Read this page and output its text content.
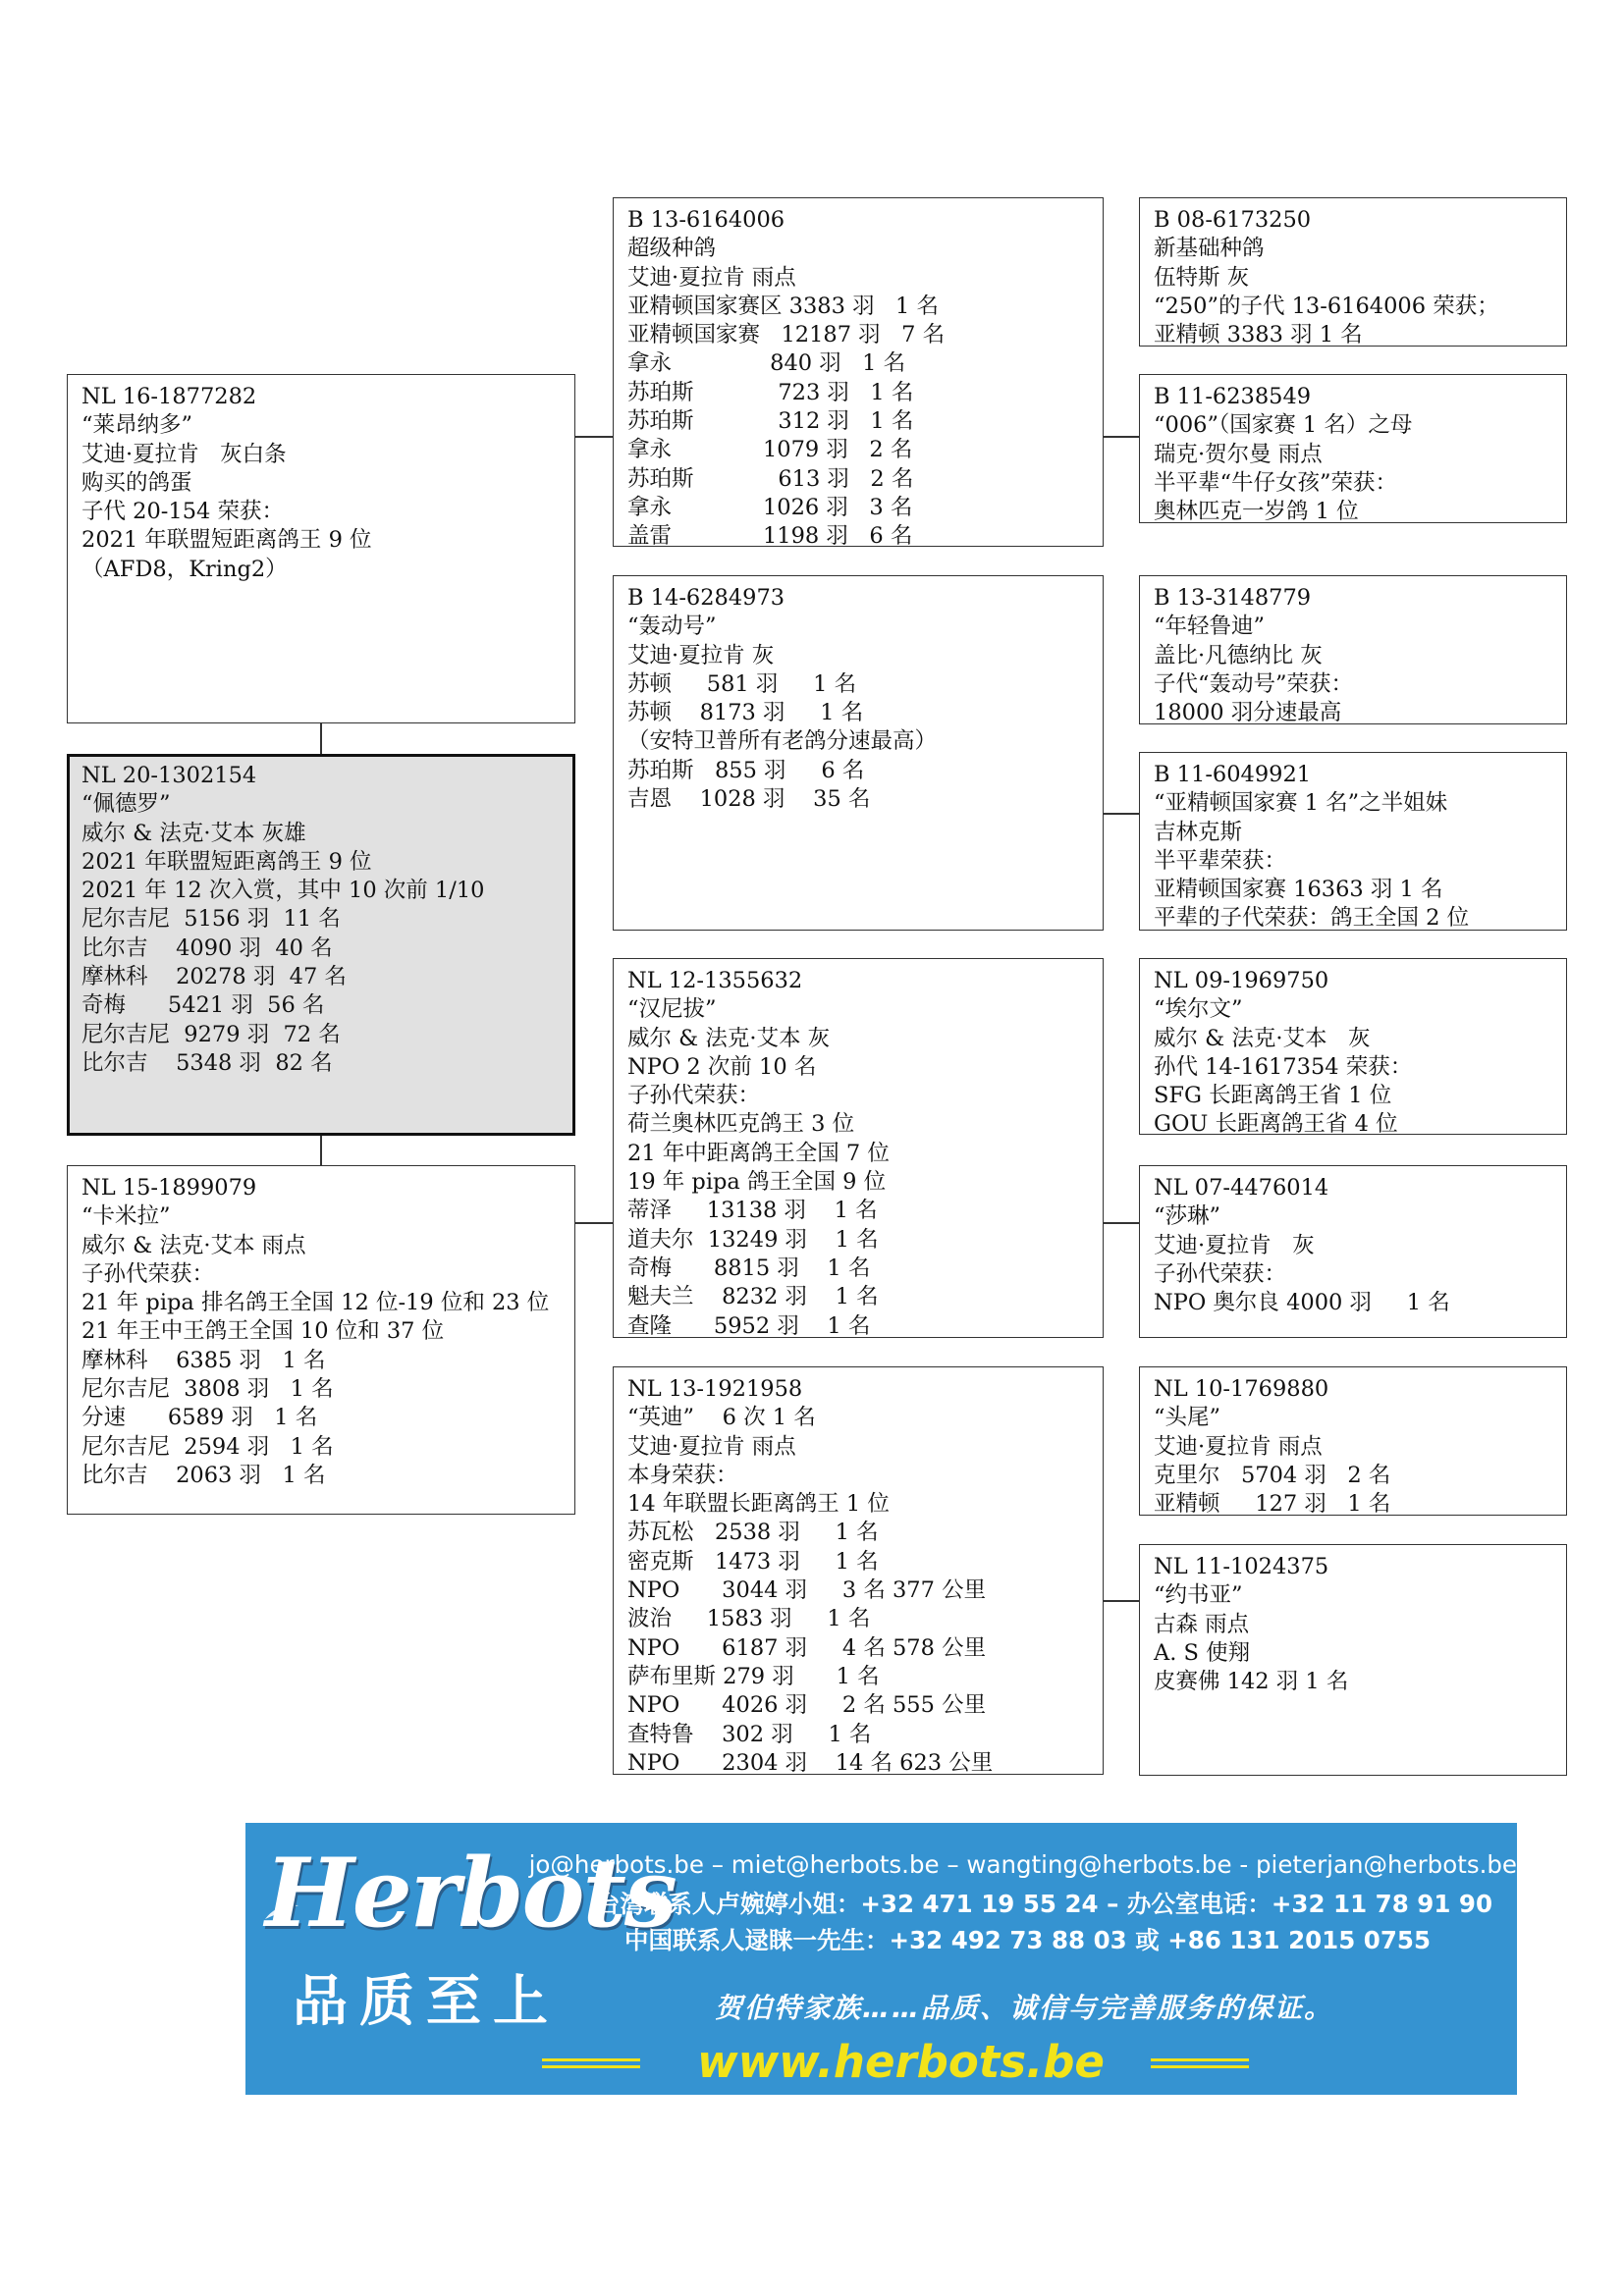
NL 16-1877282
“莱昂纳多”
艾迪·夏拉肯   灰白条
购买的鸽蛋
子代 20-154 荣获：
2021 年联盟短距离鸽王 9 位
（AFD8，Kring2）
NL 20-1302154
“佩德罗”
威尔 & 法克·艾本 灰雄
2021 年联盟短距离鸽王 9 位
2021 年 12 次入赏，其中 10 次前 1/10
尼尔吉尼  5156 羽  11 名
比尔吉    4090 羽  40 名
摩林科    20278 羽  47 名
奇梅      5421 羽  56 名
尼尔吉尼  9279 羽  72 名
比尔吉    5348 羽  82 名
NL 15-1899079
“卡米拉”
威尔 & 法克·艾本 雨点
子孙代荣获：
21 年 pipa 排名鸽王全国 12 位-19 位和 23 位
21 年王中王鸽王全国 10 位和 37 位
摩林科    6385 羽   1 名
尼尔吉尼  3808 羽   1 名
分速      6589 羽   1 名
尼尔吉尼  2594 羽   1 名
比尔吉    2063 羽   1 名
B 13-6164006
超级种鸽
艾迪·夏拉肯 雨点
亚精顿国家赛区 3383 羽   1 名
亚精顿国家赛   12187 羽   7 名
拿永              840 羽   1 名
苏珀斯            723 羽   1 名
苏珀斯            312 羽   1 名
拿永             1079 羽   2 名
苏珀斯            613 羽   2 名
拿永             1026 羽   3 名
盖雷             1198 羽   6 名
B 14-6284973
“轰动号”
艾迪·夏拉肯 灰
苏顿     581 羽     1 名
苏顿    8173 羽     1 名
（安特卫普所有老鸽分速最高）
苏珀斯   855 羽     6 名
吉恩    1028 羽    35 名
NL 12-1355632
“汉尼拔”
威尔 & 法克·艾本 灰
NPO 2 次前 10 名
子孙代荣获：
荷兰奥林匹克鸽王 3 位
21 年中距离鸽王全国 7 位
19 年 pipa 鸽王全国 9 位
蒂泽     13138 羽    1 名
道夫尔  13249 羽    1 名
奇梅      8815 羽    1 名
魁夫兰    8232 羽    1 名
查隆      5952 羽    1 名
NL 13-1921958
“英迪”    6 次 1 名
艾迪·夏拉肯 雨点
本身荣获：
14 年联盟长距离鸽王 1 位
苏瓦松   2538 羽     1 名
密克斯   1473 羽     1 名
NPO      3044 羽     3 名 377 公里
波治     1583 羽     1 名
NPO      6187 羽     4 名 578 公里
萨布里斯 279 羽      1 名
NPO      4026 羽     2 名 555 公里
查特鲁    302 羽     1 名
NPO      2304 羽    14 名 623 公里
B 08-6173250
新基础种鸽
伍特斯 灰
“250”的子代 13-6164006 荣获；
亚精顿 3383 羽 1 名
B 11-6238549
“006”（国家赛 1 名）之母
瑞克·贺尔曼 雨点
半平辈“牛仔女孩”荣获：
奥林匹克一岁鸽 1 位
B 13-3148779
“年轻鲁迪”
盖比·凡德纳比 灰
子代“轰动号”荣获：
18000 羽分速最高
B 11-6049921
“亚精顿国家赛 1 名”之半姐妹
吉林克斯
半平辈荣获：
亚精顿国家赛 16363 羽 1 名
平辈的子代荣获：鸽王全国 2 位
NL 09-1969750
“埃尔文”
威尔 & 法克·艾本   灰
孙代 14-1617354 荣获：
SFG 长距离鸽王省 1 位
GOU 长距离鸽王省 4 位
NL 07-4476014
“莎琳”
艾迪·夏拉肯   灰
子孙代荣获：
NPO 奥尔良 4000 羽     1 名
NL 10-1769880
“头尾”
艾迪·夏拉肯 雨点
克里尔   5704 羽   2 名
亚精顿     127 羽   1 名
NL 11-1024375
“约书亚”
古森 雨点
A. S 使翔
皮赛佛 142 羽 1 名
Herbots
品质至上
jo@herbots.be – miet@herbots.be – wangting@herbots.be - pieterjan@herbots.be
台湾联系人卢婉婷小姐：+32 471 19 55 24 – 办公室电话：+32 11 78 91 90
中国联系人逯睐一先生：+32 492 73 88 03 或 +86 131 2015 0755
贺伯特家族……品质、诚信与完善服务的保证。
www.herbots.be
